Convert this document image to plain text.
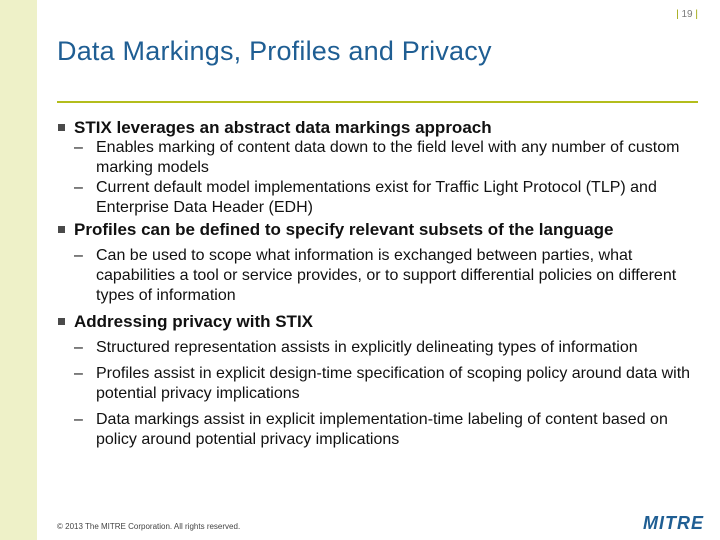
| 19 |
Data Markings, Profiles and Privacy
STIX leverages an abstract data markings approach
– Enables marking of content data down to the field level with any number of custom marking models
– Current default model implementations exist for Traffic Light Protocol (TLP) and Enterprise Data Header (EDH)
Profiles can be defined to specify relevant subsets of the language
– Can be used to scope what information is exchanged between parties, what capabilities a tool or service provides, or to support differential policies on different types of information
Addressing privacy with STIX
– Structured representation assists in explicitly delineating types of information
– Profiles assist in explicit design-time specification of scoping policy around data with potential privacy implications
– Data markings assist in explicit implementation-time labeling of content based on policy around potential privacy implications
© 2013 The MITRE Corporation. All rights reserved.	MITRE
